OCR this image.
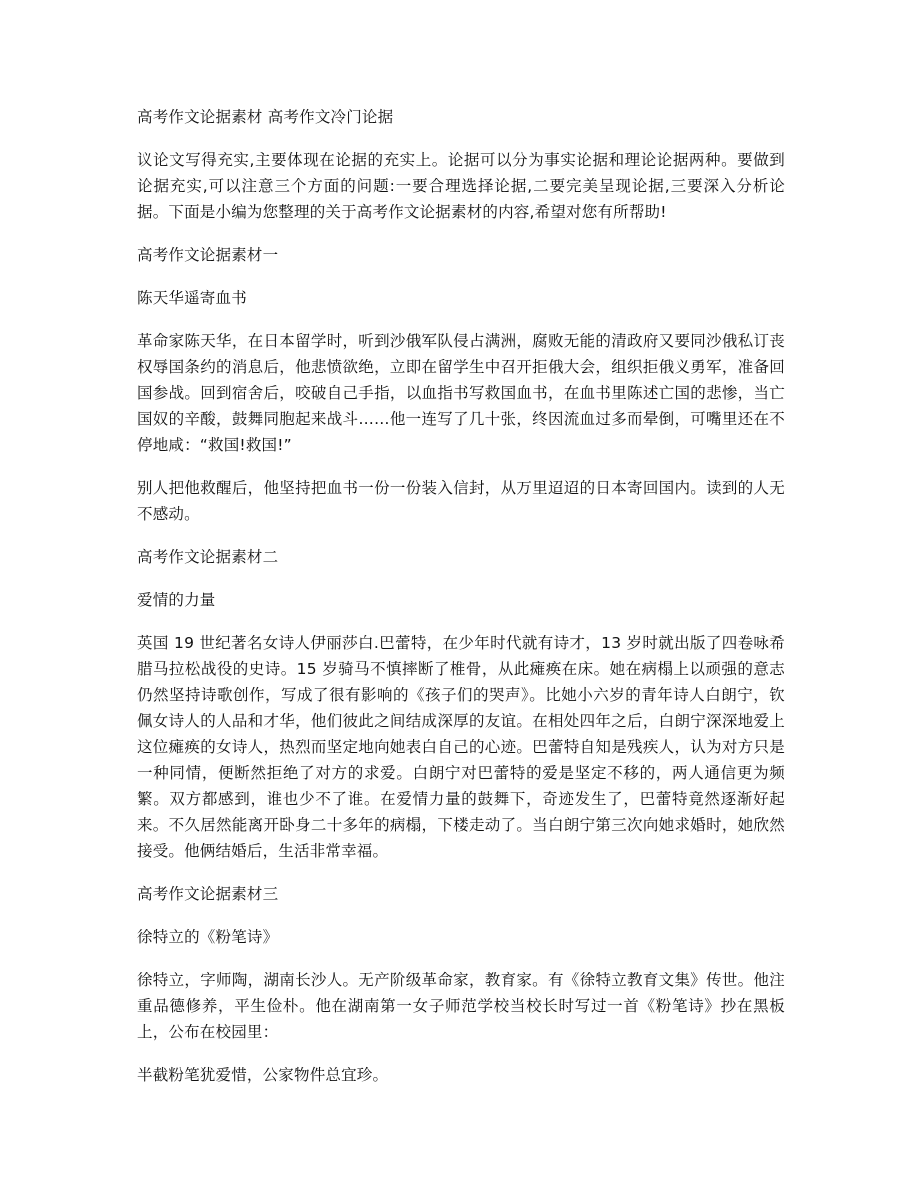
高考作文论据素材 高考作文冷门论据

议论文写得充实,主要体现在论据的充实上。论据可以分为事实论据和理论论据两种。要做到论据充实,可以注意三个方面的问题:一要合理选择论据,二要完美呈现论据,三要深入分析论据。下面是小编为您整理的关于高考作文论据素材的内容,希望对您有所帮助!

高考作文论据素材一

陈天华遥寄血书

革命家陈天华，在日本留学时，听到沙俄军队侵占满洲，腐败无能的清政府又要同沙俄私订丧权辱国条约的消息后，他悲愤欲绝，立即在留学生中召开拒俄大会，组织拒俄义勇军，准备回国参战。回到宿舍后，咬破自己手指，以血指书写救国血书，在血书里陈述亡国的悲惨，当亡国奴的辛酸，鼓舞同胞起来战斗……他一连写了几十张，终因流血过多而晕倒，可嘴里还在不停地咸：“救国!救国!”

别人把他救醒后，他坚持把血书一份一份装入信封，从万里迢迢的日本寄回国内。读到的人无不感动。

高考作文论据素材二

爱情的力量

英国 19 世纪著名女诗人伊丽莎白.巴蕾特，在少年时代就有诗才，13 岁时就出版了四卷咏希腊马拉松战役的史诗。15 岁骑马不慎摔断了椎骨，从此瘫痪在床。她在病榻上以顽强的意志仍然坚持诗歌创作，写成了很有影响的《孩子们的哭声》。比她小六岁的青年诗人白朗宁，钦佩女诗人的人品和才华，他们彼此之间结成深厚的友谊。在相处四年之后，白朗宁深深地爱上这位瘫痪的女诗人，热烈而坚定地向她表白自己的心迹。巴蕾特自知是残疾人，认为对方只是一种同情，便断然拒绝了对方的求爱。白朗宁对巴蕾特的爱是坚定不移的，两人通信更为频繁。双方都感到，谁也少不了谁。在爱情力量的鼓舞下，奇迹发生了，巴蕾特竟然逐渐好起来。不久居然能离开卧身二十多年的病榻，下楼走动了。当白朗宁第三次向她求婚时，她欣然接受。他俩结婚后，生活非常幸福。

高考作文论据素材三

徐特立的《粉笔诗》

徐特立，字师陶，湖南长沙人。无产阶级革命家，教育家。有《徐特立教育文集》传世。他注重品德修养，平生俭朴。他在湖南第一女子师范学校当校长时写过一首《粉笔诗》抄在黑板上，公布在校园里：

半截粉笔犹爱惜，公家物件总宜珍。
